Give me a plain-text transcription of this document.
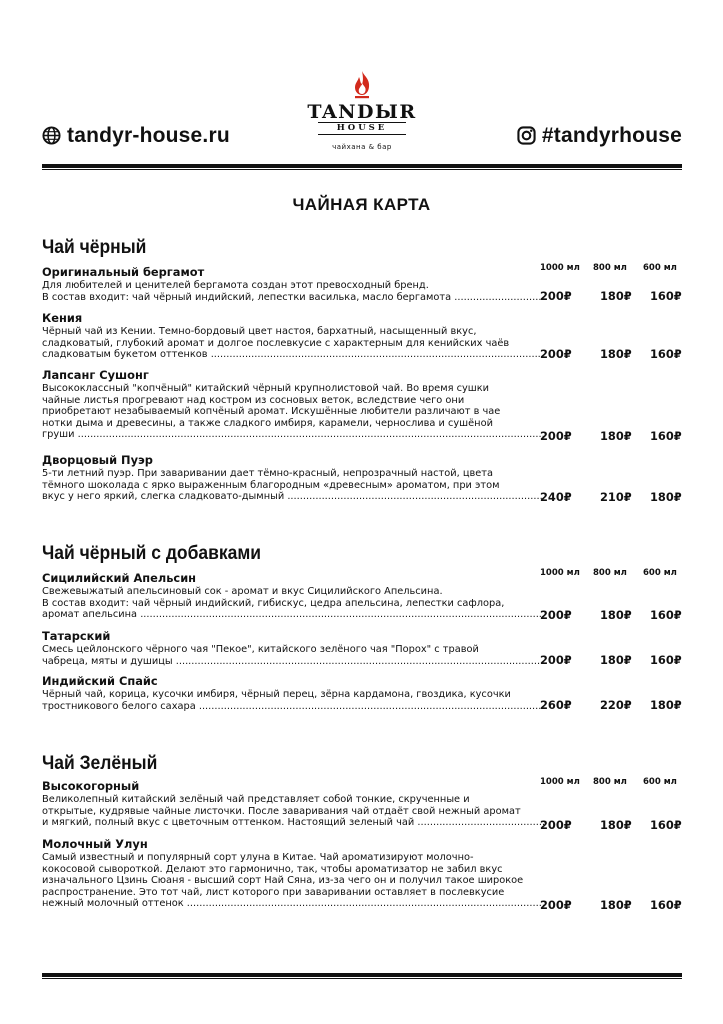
tandyr-house.ru
TANDЫR
HOUSE
чайхана & бар	#tandyrhouse
ЧАЙНАЯ КАРТА
Чай чёрный
1000 мл 800 мл 600 мл
Оригинальный бергамот
Для любителей и ценителей бергамота создан этот превосходный бренд.
В состав входит: чай чёрный индийский, лепестки василька, масло бергамота .....	200₽ 180₽ 160₽
Кения
Чёрный чай из Кении. Темно-бордовый цвет настоя, бархатный, насыщенный вкус,
сладковатый, глубокий аромат и долгое послевкусие с характерным для кенийских чаёв
сладковатым букетом оттенков .....	200₽ 180₽ 160₽
Лапсанг Сушонг
Высококлассный "копчёный" китайский чёрный крупнолистовой чай. Во время сушки
чайные листья прогревают над костром из сосновых веток, вследствие чего они
приобретают незабываемый копчёный аромат. Искушённые любители различают в чае
нотки дыма и древесины, а также сладкого имбиря, карамели, чернослива и сушёной
груши .....	200₽ 180₽ 160₽
Дворцовый Пуэр
5-ти летний пуэр. При заваривании дает тёмно-красный, непрозрачный настой, цвета
тёмного шоколада с ярко выраженным благородным «древесным» ароматом, при этом
вкус у него яркий, слегка сладковато-дымный .....	240₽ 210₽ 180₽
Чай чёрный с добавками
1000 мл 800 мл 600 мл
Сицилийский Апельсин
Свежевыжатый апельсиновый сок - аромат и вкус Сицилийского Апельсина.
В состав входит: чай чёрный индийский, гибискус, цедра апельсина, лепестки сафлора,
аромат апельсина .....	200₽ 180₽ 160₽
Татарский
Смесь цейлонского чёрного чая "Пекое", китайского зелёного чая "Порох" с травой
чабреца, мяты и душицы .....	200₽ 180₽ 160₽
Индийский Спайс
Чёрный чай, корица, кусочки имбиря, чёрный перец, зёрна кардамона, гвоздика, кусочки
тростникового белого сахара .....	260₽ 220₽ 180₽
Чай Зелёный
1000 мл 800 мл 600 мл
Высокогорный
Великолепный китайский зелёный чай представляет собой тонкие, скрученные и
открытые, кудрявые чайные листочки. После заваривания чай отдаёт свой нежный аромат
и мягкий, полный вкус с цветочным оттенком. Настоящий зеленый чай .....	200₽ 180₽ 160₽
Молочный Улун
Самый известный и популярный сорт улуна в Китае. Чай ароматизируют молочно-
кокосовой сывороткой. Делают это гармонично, так, чтобы ароматизатор не забил вкус
изначального Цзинь Сюаня - высший сорт Най Сяна, из-за чего он и получил такое широкое
распространение. Это тот чай, лист которого при заваривании оставляет в послевкусие
нежный молочный оттенок .....	200₽ 180₽ 160₽
